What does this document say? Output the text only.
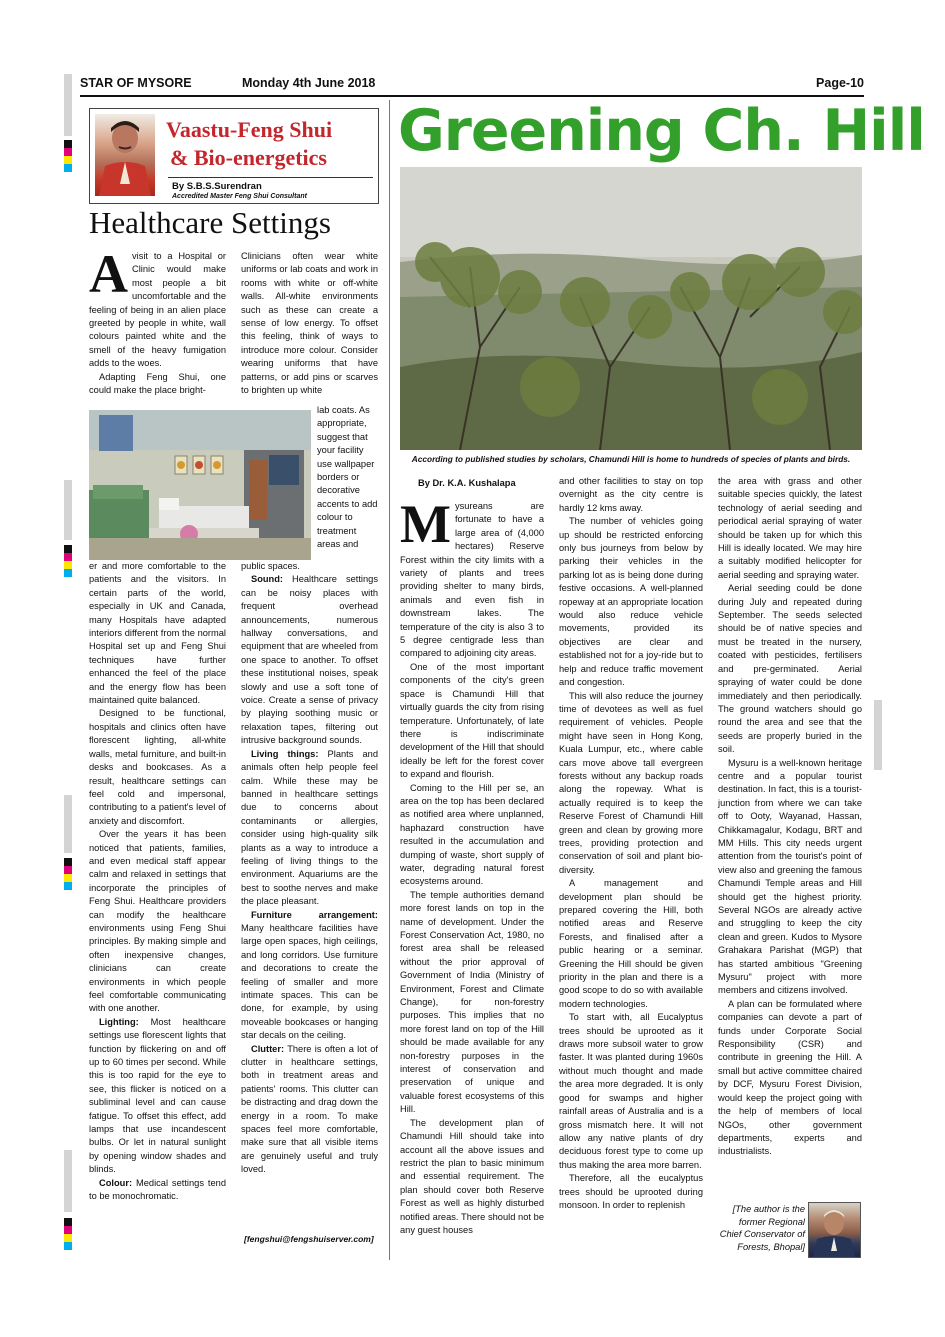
STAR OF MYSORE	Monday 4th June 2018	Page-10
Vaastu-Feng Shui
& Bio-energetics
By S.B.S.Surendran
Accredited Master Feng Shui Consultant
Healthcare Settings
A visit to a Hospital or Clinic would make most people a bit uncomfortable and the feeling of being in an alien place greeted by people in white, wall colours painted white and the smell of the heavy fumigation adds to the woes.

Adapting Feng Shui, one could make the place bright-

er and more comfortable to the patients and the visitors. In certain parts of the world, especially in UK and Canada, many Hospitals have adapted interiors different from the normal Hospital set up and Feng Shui techniques have further enhanced the feel of the place and the energy flow has been maintained quite balanced.

Designed to be functional, hospitals and clinics often have florescent lighting, all-white walls, metal furniture, and built-in desks and bookcases. As a result, healthcare settings can feel cold and impersonal, contributing to a patient's level of anxiety and discomfort.

Over the years it has been noticed that patients, families, and even medical staff appear calm and relaxed in settings that incorporate the principles of Feng Shui. Healthcare providers can modify the healthcare environments using Feng Shui principles. By making simple and often inexpensive changes, clinicians can create environments in which people feel comfortable communicating with one another.

Lighting: Most healthcare settings use florescent lights that function by flickering on and off up to 60 times per second. While this is too rapid for the eye to see, this flicker is noticed on a subliminal level and can cause fatigue. To offset this effect, add lamps that use incandescent bulbs. Or let in natural sunlight by opening window shades and blinds.

Colour: Medical settings tend to be monochromatic.

Clinicians often wear white uniforms or lab coats and work in rooms with white or off-white walls. All-white environments such as these can create a sense of low energy. To offset this feeling, think of ways to introduce more colour. Consider wearing uniforms that have patterns, or add pins or scarves to brighten up white

lab coats. As appropriate, suggest that your facility use wallpaper borders or decorative accents to add colour to treatment areas and

public spaces.

Sound: Healthcare settings can be noisy places with frequent overhead announcements, numerous hallway conversations, and equipment that are wheeled from one space to another. To offset these institutional noises, speak slowly and use a soft tone of voice. Create a sense of privacy by playing soothing music or relaxation tapes, filtering out intrusive background sounds.

Living things: Plants and animals often help people feel calm. While these may be banned in healthcare settings due to concerns about contaminants or allergies, consider using high-quality silk plants as a way to introduce a feeling of living things to the environment. Aquariums are the best to soothe nerves and make the place pleasant.

Furniture arrangement: Many healthcare facilities have large open spaces, high ceilings, and long corridors. Use furniture and decorations to create the feeling of smaller and more intimate spaces. This can be done, for example, by using moveable bookcases or hanging star decals on the ceiling.

Clutter: There is often a lot of clutter in healthcare settings, both in treatment areas and patients' rooms. This clutter can be distracting and drag down the energy in a room. To make spaces feel more comfortable, make sure that all visible items are genuinely useful and truly loved.

[fengshui@fengshuiserver.com]
Greening Ch. Hill
According to published studies by scholars, Chamundi Hill is home to hundreds of species of plants and birds.
By Dr. K.A. Kushalapa
M ysureans are fortunate to have a large area of (4,000 hectares) Reserve Forest within the city limits with a variety of plants and trees providing shelter to many birds, animals and even fish in downstream lakes. The temperature of the city is also 3 to 5 degree centigrade less than compared to adjoining city areas.

One of the most important components of the city's green space is Chamundi Hill that virtually guards the city from rising temperature. Unfortunately, of late there is indiscriminate development of the Hill that should ideally be left for the forest cover to expand and flourish.

Coming to the Hill per se, an area on the top has been declared as notified area where unplanned, haphazard construction have resulted in the accumulation and dumping of waste, short supply of water, degrading natural forest ecosystems around.

The temple authorities demand more forest lands on top in the name of development. Under the Forest Conservation Act, 1980, no forest area shall be released without the prior approval of Government of India (Ministry of Environment, Forest and Climate Change), for non-forestry purposes. This implies that no more forest land on top of the Hill should be made available for any non-forestry purposes in the interest of conservation and preservation of unique and valuable forest ecosystems of this Hill.

The development plan of Chamundi Hill should take into account all the above issues and restrict the plan to basic minimum and essential requirement. The plan should cover both Reserve Forest as well as highly disturbed notified areas. There should not be any guest houses

and other facilities to stay on top overnight as the city centre is hardly 12 kms away.

The number of vehicles going up should be restricted enforcing only bus journeys from below by parking their vehicles in the parking lot as is being done during festive occasions. A well-planned ropeway at an appropriate location would also reduce vehicle movements, provided its objectives are clear and established not for a joy-ride but to help and reduce traffic movement and congestion.

This will also reduce the journey time of devotees as well as fuel requirement of vehicles. People might have seen in Hong Kong, Kuala Lumpur, etc., where cable cars move above tall evergreen forests without any backup roads along the ropeway. What is actually required is to keep the Reserve Forest of Chamundi Hill green and clean by growing more trees, providing protection and conservation of soil and plant bio-diversity.

A management and development plan should be prepared covering the Hill, both notified areas and Reserve Forests, and finalised after a public hearing or a seminar. Greening the Hill should be given priority in the plan and there is a good scope to do so with available modern technologies.

To start with, all Eucalyptus trees should be uprooted as it draws more subsoil water to grow faster. It was planted during 1960s without much thought and made the area more degraded. It is only good for swamps and higher rainfall areas of Australia and is a gross mismatch here. It will not allow any native plants of dry deciduous forest type to come up thus making the area more barren.

Therefore, all the eucalyptus trees should be uprooted during monsoon. In order to replenish

the area with grass and other suitable species quickly, the latest technology of aerial seeding and periodical aerial spraying of water should be taken up for which this Hill is ideally located. We may hire a suitably modified helicopter for aerial seeding and spraying water.

Aerial seeding could be done during July and repeated during September. The seeds selected should be of native species and must be treated in the nursery, coated with pesticides, fertilisers and pre-germinated. Aerial spraying of water could be done immediately and then periodically. The ground watchers should go round the area and see that the seeds are properly buried in the soil.

Mysuru is a well-known heritage centre and a popular tourist destination. In fact, this is a tourist-junction from where we can take off to Ooty, Wayanad, Hassan, Chikkamagalur, Kodagu, BRT and MM Hills. This city needs urgent attention from the tourist's point of view also and greening the famous Chamundi Temple areas and Hill should get the highest priority. Several NGOs are already active and struggling to keep the city clean and green. Kudos to Mysore Grahakara Parishat (MGP) that has started ambitious "Greening Mysuru" project with more members and citizens involved.

A plan can be formulated where companies can devote a part of funds under Corporate Social Responsibility (CSR) and contribute in greening the Hill. A small but active committee chaired by DCF, Mysuru Forest Division, would keep the project going with the help of members of local NGOs, other government departments, experts and industrialists.

[The author is the former Regional Chief Conservator of Forests, Bhopal]
